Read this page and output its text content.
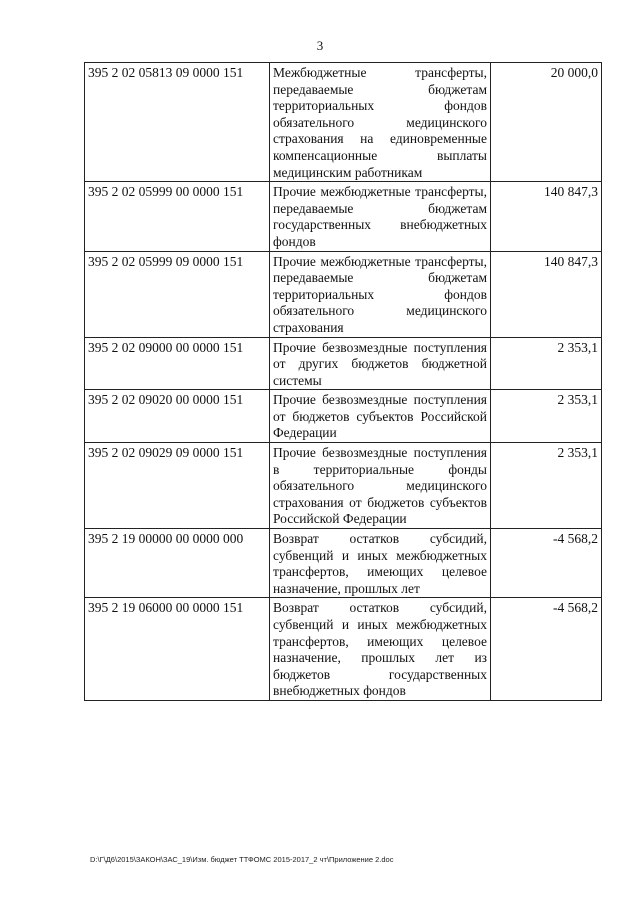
3
395 2 02 05813 09 0000 151	Межбюджетные трансферты, передаваемые бюджетам территориальных фондов обязательного медицинского страхования на единовременные компенсационные выплаты медицинским работникам	20 000,0
395 2 02 05999 00 0000 151	Прочие межбюджетные трансферты, передаваемые бюджетам государственных внебюджетных фондов	140 847,3
395 2 02 05999 09 0000 151	Прочие межбюджетные трансферты, передаваемые бюджетам территориальных фондов обязательного медицинского страхования	140 847,3
395 2 02 09000 00 0000 151	Прочие безвозмездные поступления от других бюджетов бюджетной системы	2 353,1
395 2 02 09020 00 0000 151	Прочие безвозмездные поступления от бюджетов субъектов Российской Федерации	2 353,1
395 2 02 09029 09 0000 151	Прочие безвозмездные поступления в территориальные фонды обязательного медицинского страхования от бюджетов субъектов Российской Федерации	2 353,1
395 2 19 00000 00 0000 000	Возврат остатков субсидий, субвенций и иных межбюджетных трансфертов, имеющих целевое назначение, прошлых лет	-4 568,2
395 2 19 06000 00 0000 151	Возврат остатков субсидий, субвенций и иных межбюджетных трансфертов, имеющих целевое назначение, прошлых лет из бюджетов государственных внебюджетных фондов	-4 568,2
D:\Г\Д6\2015\ЗАКОН\ЗАС_19\Изм. бюджет ТТФОМС 2015-2017_2 чт\Приложение 2.doc
